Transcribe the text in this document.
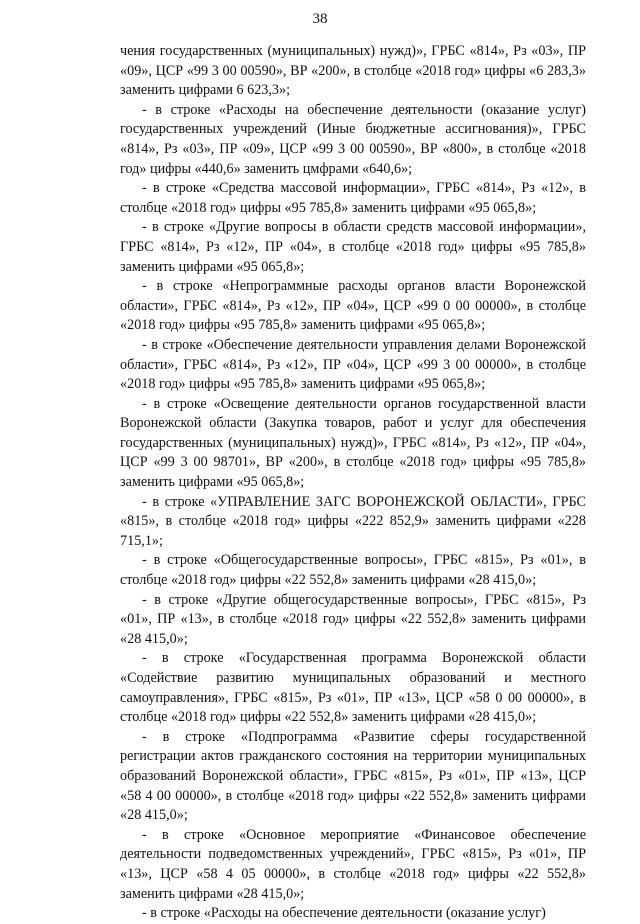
38

чения государственных (муниципальных) нужд)», ГРБС «814», Рз «03», ПР «09», ЦСР «99 3 00 00590», ВР «200», в столбце «2018 год» цифры «6 283,3» заменить цифрами 6 623,3»;

- в строке «Расходы на обеспечение деятельности (оказание услуг) государственных учреждений (Иные бюджетные ассигнования)», ГРБС «814», Рз «03», ПР «09», ЦСР «99 3 00 00590», ВР «800», в столбце «2018 год» цифры «440,6» заменить цмфрами «640,6»;

- в строке «Средства массовой информации», ГРБС «814», Рз «12», в столбце «2018 год» цифры «95 785,8» заменить цифрами «95 065,8»;

- в строке «Другие вопросы в области средств массовой информации», ГРБС «814», Рз «12», ПР «04», в столбце «2018 год» цифры «95 785,8» заменить цифрами «95 065,8»;

- в строке «Непрограммные расходы органов власти Воронежской области», ГРБС «814», Рз «12», ПР «04», ЦСР «99 0 00 00000», в столбце «2018 год» цифры «95 785,8» заменить цифрами «95 065,8»;

- в строке «Обеспечение деятельности управления делами Воронежской области», ГРБС «814», Рз «12», ПР «04», ЦСР «99 3 00 00000», в столбце «2018 год» цифры «95 785,8» заменить цифрами «95 065,8»;

- в строке «Освещение деятельности органов государственной власти Воронежской области (Закупка товаров, работ и услуг для обеспечения государственных (муниципальных) нужд)», ГРБС «814», Рз «12», ПР «04», ЦСР «99 3 00 98701», ВР «200», в столбце «2018 год» цифры «95 785,8» заменить цифрами «95 065,8»;

- в строке «УПРАВЛЕНИЕ ЗАГС ВОРОНЕЖСКОЙ ОБЛАСТИ», ГРБС «815», в столбце «2018 год» цифры «222 852,9» заменить цифрами «228 715,1»;

- в строке «Общегосударственные вопросы», ГРБС «815», Рз «01», в столбце «2018 год» цифры «22 552,8» заменить цифрами «28 415,0»;

- в строке «Другие общегосударственные вопросы», ГРБС «815», Рз «01», ПР «13», в столбце «2018 год» цифры «22 552,8» заменить цифрами «28 415,0»;

- в строке «Государственная программа Воронежской области «Содействие развитию муниципальных образований и местного самоуправления», ГРБС «815», Рз «01», ПР «13», ЦСР «58 0 00 00000», в столбце «2018 год» цифры «22 552,8» заменить цифрами «28 415,0»;

- в строке «Подпрограмма «Развитие сферы государственной регистрации актов гражданского состояния на территории муниципальных образований Воронежской области», ГРБС «815», Рз «01», ПР «13», ЦСР «58 4 00 00000», в столбце «2018 год» цифры «22 552,8» заменить цифрами «28 415,0»;

- в строке «Основное мероприятие «Финансовое обеспечение деятельности подведомственных учреждений», ГРБС «815», Рз «01», ПР «13», ЦСР «58 4 05 00000», в столбце «2018 год» цифры «22 552,8» заменить цифрами «28 415,0»;

- в строке «Расходы на обеспечение деятельности (оказание услуг)
